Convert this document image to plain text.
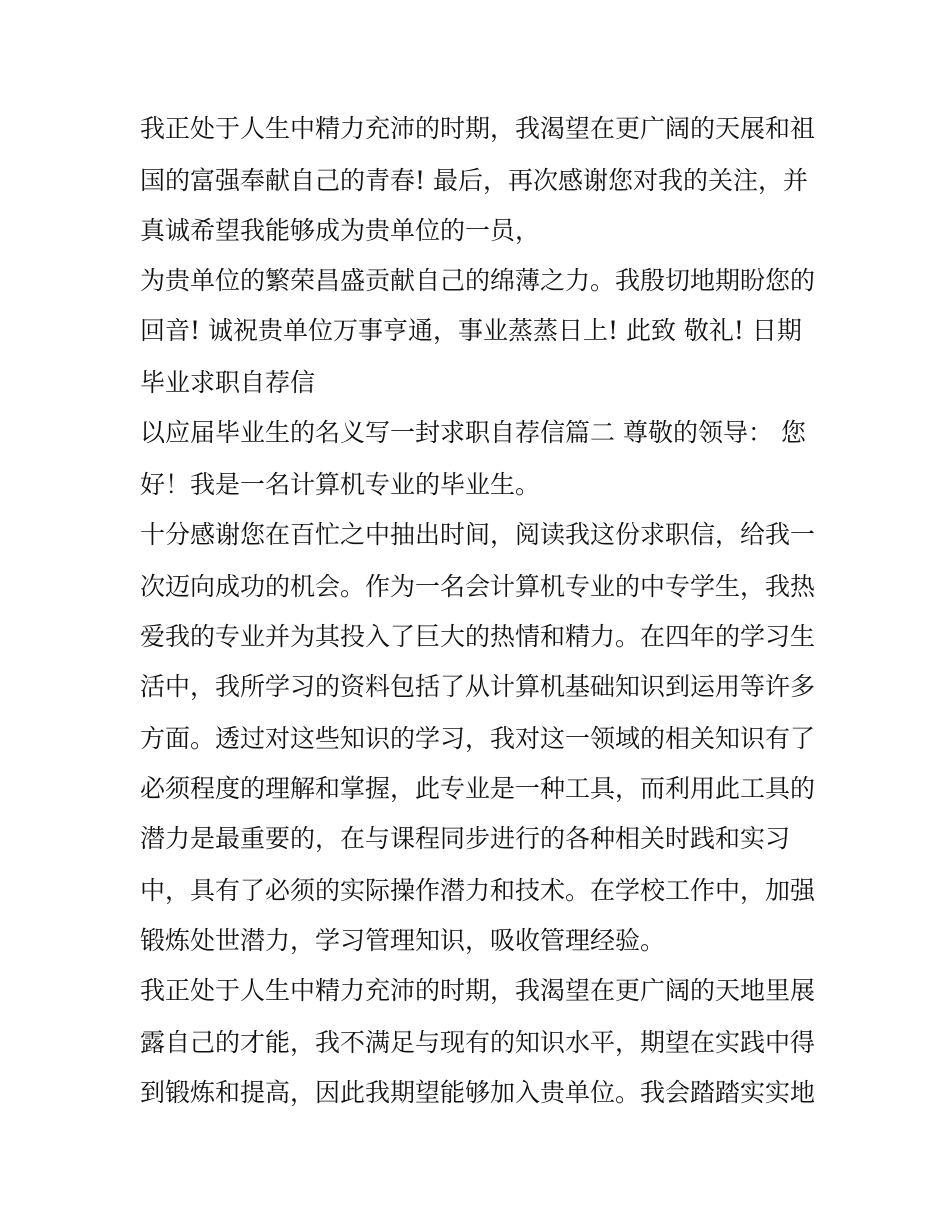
我正处于人生中精力充沛的时期，我渴望在更广阔的天展和祖
国的富强奉献自己的青春! 最后，再次感谢您对我的关注，并
真诚希望我能够成为贵单位的一员，
为贵单位的繁荣昌盛贡献自己的绵薄之力。我殷切地期盼您的
回音! 诚祝贵单位万事亨通，事业蒸蒸日上! 此致 敬礼! 日期
毕业求职自荐信
以应届毕业生的名义写一封求职自荐信篇二 尊敬的领导： 您
好！我是一名计算机专业的毕业生。
十分感谢您在百忙之中抽出时间，阅读我这份求职信，给我一
次迈向成功的机会。作为一名会计算机专业的中专学生，我热
爱我的专业并为其投入了巨大的热情和精力。在四年的学习生
活中，我所学习的资料包括了从计算机基础知识到运用等许多
方面。透过对这些知识的学习，我对这一领域的相关知识有了
必须程度的理解和掌握，此专业是一种工具，而利用此工具的
潜力是最重要的，在与课程同步进行的各种相关时践和实习
中，具有了必须的实际操作潜力和技术。在学校工作中，加强
锻炼处世潜力，学习管理知识，吸收管理经验。
我正处于人生中精力充沛的时期，我渴望在更广阔的天地里展
露自己的才能，我不满足与现有的知识水平，期望在实践中得
到锻炼和提高，因此我期望能够加入贵单位。我会踏踏实实地
